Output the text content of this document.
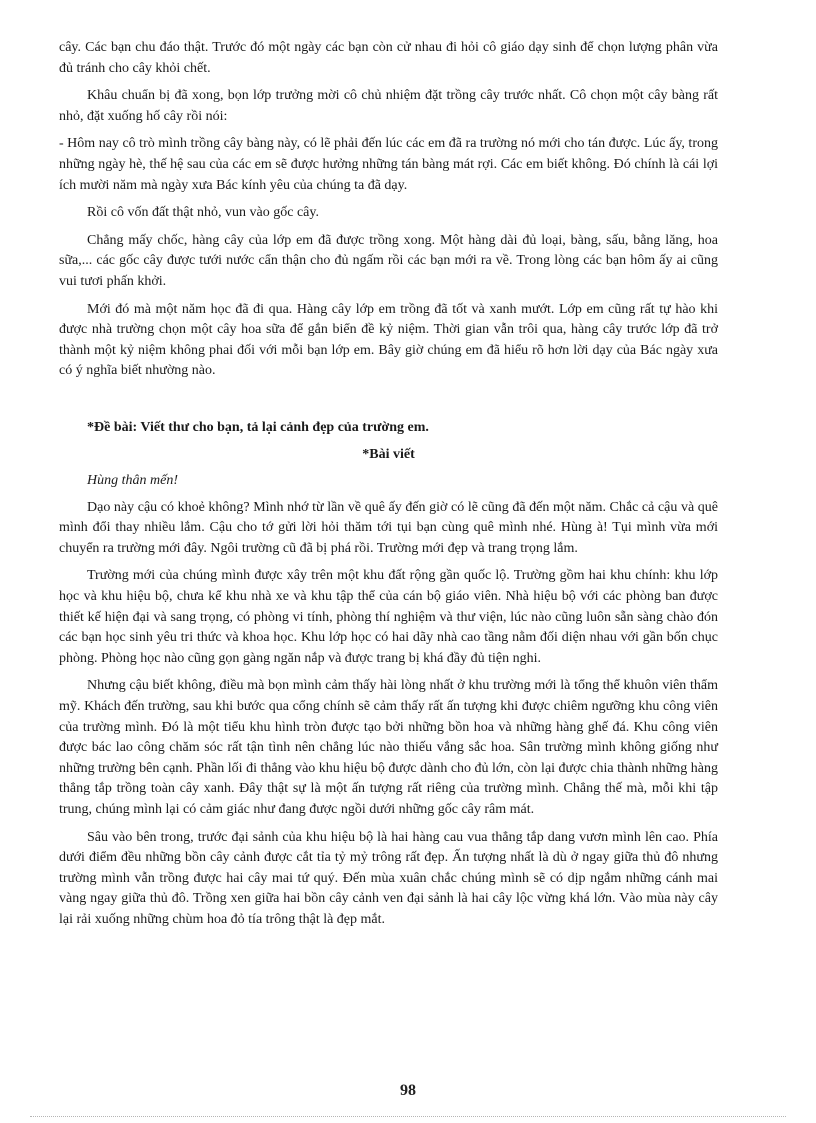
cây. Các bạn chu đáo thật. Trước đó một ngày các bạn còn cử nhau đi hỏi cô giáo dạy sinh để chọn lượng phân vừa đủ tránh cho cây khỏi chết.

Khâu chuẩn bị đã xong, bọn lớp trưởng mời cô chủ nhiệm đặt trồng cây trước nhất. Cô chọn một cây bàng rất nhỏ, đặt xuống hố cây rồi nói:

- Hôm nay cô trò mình trồng cây bàng này, có lẽ phải đến lúc các em đã ra trường nó mới cho tán được. Lúc ấy, trong những ngày hè, thế hệ sau của các em sẽ được hưởng những tán bàng mát rợi. Các em biết không. Đó chính là cái lợi ích mười năm mà ngày xưa Bác kính yêu của chúng ta đã dạy.

Rồi cô vốn đất thật nhỏ, vun vào gốc cây.

Chẳng mấy chốc, hàng cây của lớp em đã được trồng xong. Một hàng dài đủ loại, bàng, sấu, bằng lăng, hoa sữa,... các gốc cây được tưới nước cẩn thận cho đủ ngấm rồi các bạn mới ra về. Trong lòng các bạn hôm ấy ai cũng vui tươi phấn khởi.

Mới đó mà một năm học đã đi qua. Hàng cây lớp em trồng đã tốt và xanh mướt. Lớp em cũng rất tự hào khi được nhà trường chọn một cây hoa sữa để gắn biển đề kỷ niệm. Thời gian vẫn trôi qua, hàng cây trước lớp đã trở thành một kỷ niệm không phai đối với mỗi bạn lớp em. Bây giờ chúng em đã hiểu rõ hơn lời dạy của Bác ngày xưa có ý nghĩa biết nhường nào.

*Đề bài: Viết thư cho bạn, tả lại cảnh đẹp của trường em.

*Bài viết

Hùng thân mến!

Dạo này cậu có khoẻ không? Mình nhớ từ lần về quê ấy đến giờ có lẽ cũng đã đến một năm. Chắc cả cậu và quê mình đổi thay nhiều lắm. Cậu cho tớ gửi lời hỏi thăm tới tụi bạn cùng quê mình nhé. Hùng à! Tụi mình vừa mới chuyển ra trường mới đây. Ngôi trường cũ đã bị phá rồi. Trường mới đẹp và trang trọng lắm.

Trường mới của chúng mình được xây trên một khu đất rộng gần quốc lộ. Trường gồm hai khu chính: khu lớp học và khu hiệu bộ, chưa kể khu nhà xe và khu tập thể của cán bộ giáo viên. Nhà hiệu bộ với các phòng ban được thiết kế hiện đại và sang trọng, có phòng vi tính, phòng thí nghiệm và thư viện, lúc nào cũng luôn sẵn sàng chào đón các bạn học sinh yêu tri thức và khoa học. Khu lớp học có hai dãy nhà cao tầng nằm đối diện nhau với gần bốn chục phòng. Phòng học nào cũng gọn gàng ngăn nắp và được trang bị khá đầy đủ tiện nghi.

Nhưng cậu biết không, điều mà bọn mình cảm thấy hài lòng nhất ở khu trường mới là tổng thể khuôn viên thẩm mỹ. Khách đến trường, sau khi bước qua cổng chính sẽ cảm thấy rất ấn tượng khi được chiêm ngưỡng khu công viên của trường mình. Đó là một tiểu khu hình tròn được tạo bởi những bồn hoa và những hàng ghế đá. Khu công viên được bác lao công chăm sóc rất tận tình nên chẳng lúc nào thiếu vắng sắc hoa. Sân trường mình không giống như những trường bên cạnh. Phần lối đi thẳng vào khu hiệu bộ được dành cho đủ lớn, còn lại được chia thành những hàng thẳng tắp trồng toàn cây xanh. Đây thật sự là một ấn tượng rất riêng của trường mình. Chẳng thế mà, mỗi khi tập trung, chúng mình lại có cảm giác như đang được ngồi dưới những gốc cây râm mát.

Sâu vào bên trong, trước đại sảnh của khu hiệu bộ là hai hàng cau vua thẳng tắp dang vươn mình lên cao. Phía dưới điểm đều những bồn cây cảnh được cắt tỉa tỷ mỷ trông rất đẹp. Ấn tượng nhất là dù ở ngay giữa thủ đô nhưng trường mình vẫn trồng được hai cây mai tứ quý. Đến mùa xuân chắc chúng mình sẽ có dịp ngắm những cánh mai vàng ngay giữa thủ đô. Trồng xen giữa hai bồn cây cảnh ven đại sảnh là hai cây lộc vừng khá lớn. Vào mùa này cây lại rải xuống những chùm hoa đỏ tía trông thật là đẹp mắt.

98
